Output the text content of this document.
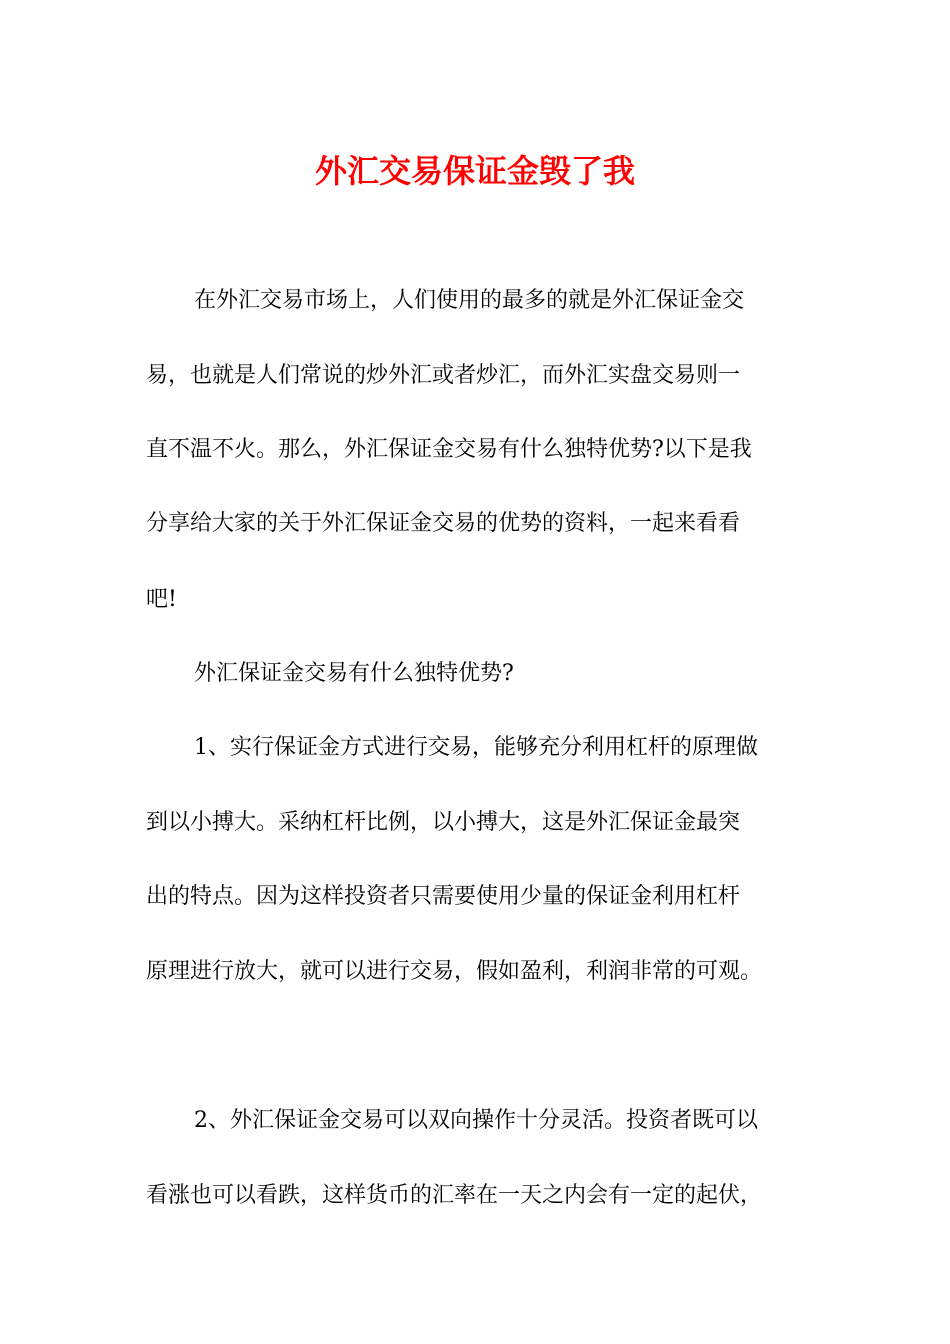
外汇交易保证金毁了我
在外汇交易市场上，人们使用的最多的就是外汇保证金交
易，也就是人们常说的炒外汇或者炒汇，而外汇实盘交易则一
直不温不火。那么，外汇保证金交易有什么独特优势?以下是我
分享给大家的关于外汇保证金交易的优势的资料，一起来看看
吧!
外汇保证金交易有什么独特优势?
1、实行保证金方式进行交易，能够充分利用杠杆的原理做
到以小搏大。采纳杠杆比例，以小搏大，这是外汇保证金最突
出的特点。因为这样投资者只需要使用少量的保证金利用杠杆
原理进行放大，就可以进行交易，假如盈利，利润非常的可观。
2、外汇保证金交易可以双向操作十分灵活。投资者既可以
看涨也可以看跌，这样货币的汇率在一天之内会有一定的起伏，
